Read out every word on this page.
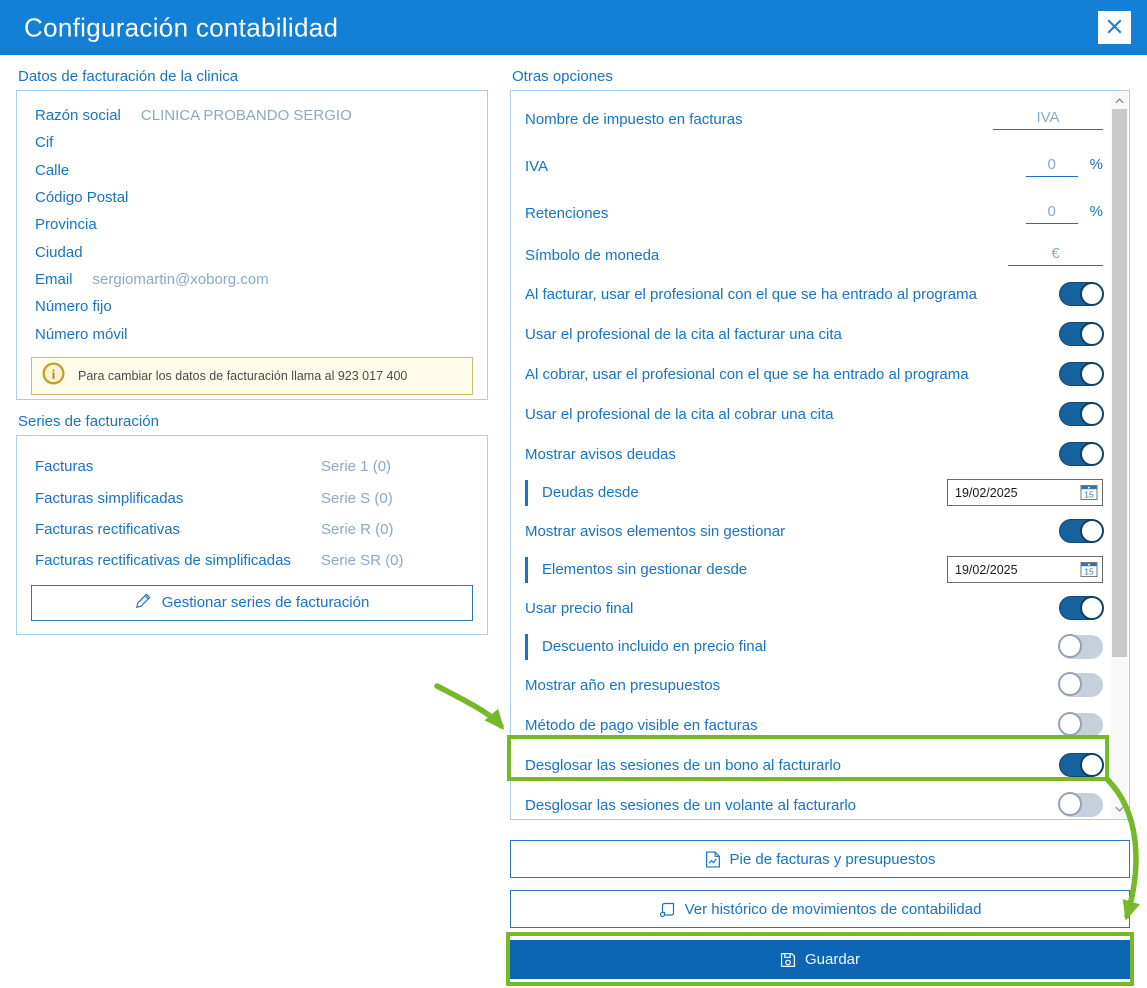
Configuración contabilidad
Datos de facturación de la clinica
Razón social CLINICA PROBANDO SERGIO
Cif
Calle
Código Postal
Provincia
Ciudad
Email sergiomartin@xoborg.com
Número fijo
Número móvil
i Para cambiar los datos de facturación llama al 923 017 400
Series de facturación
Facturas	Serie 1 (0)
Facturas simplificadas	Serie S (0)
Facturas rectificativas	Serie R (0)
Facturas rectificativas de simplificadas Serie SR (0)
Gestionar series de facturación
Otras opciones
Nombre de impuesto en facturas	IVA
IVA	0	%
Retenciones	0	%
Símbolo de moneda	€
Al facturar, usar el profesional con el que se ha entrado al programa
Usar el profesional de la cita al facturar una cita
Al cobrar, usar el profesional con el que se ha entrado al programa
Usar el profesional de la cita al cobrar una cita
Mostrar avisos deudas
Deudas desde	19/02/2025	15
Mostrar avisos elementos sin gestionar
Elementos sin gestionar desde	19/02/2025	15
Usar precio final
Descuento incluido en precio final
Mostrar año en presupuestos
Método de pago visible en facturas
Desglosar las sesiones de un bono al facturarlo
Desglosar las sesiones de un volante al facturarlo
Pie de facturas y presupuestos
Ver histórico de movimientos de contabilidad
Guardar
